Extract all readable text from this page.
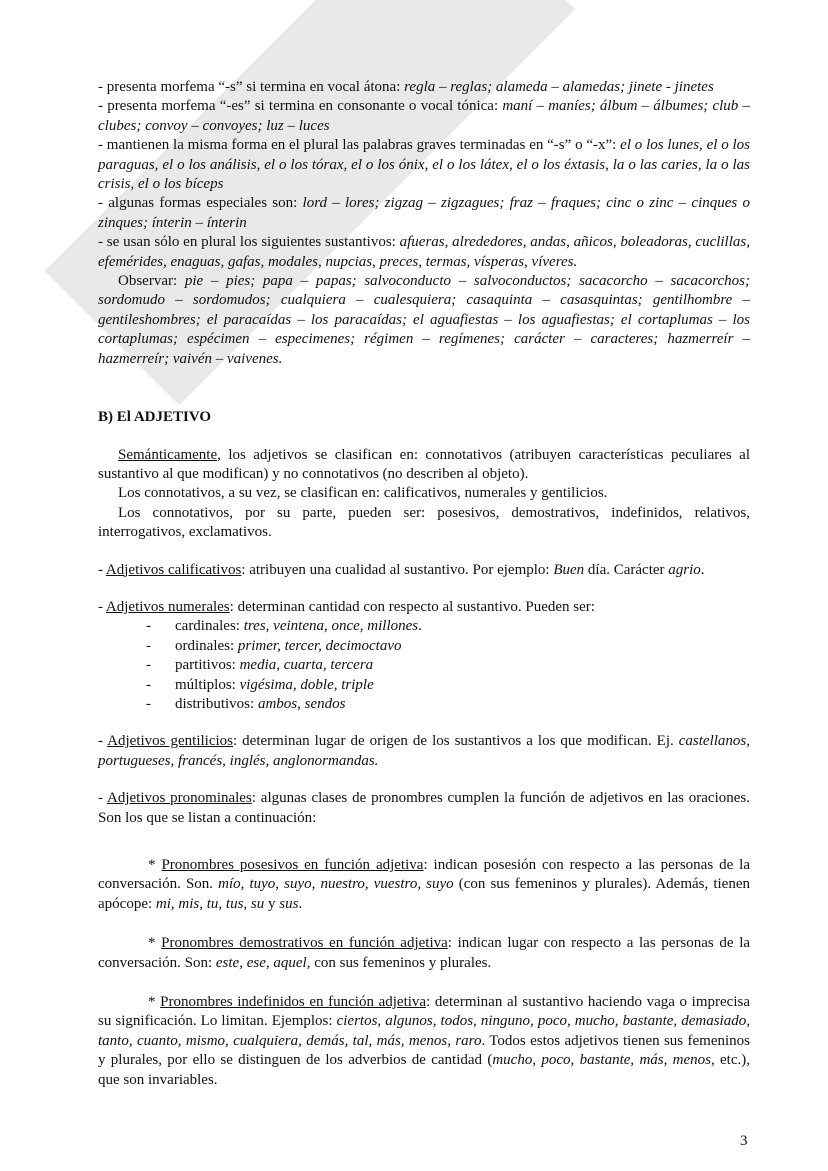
- presenta morfema “-s” si termina en vocal átona: regla – reglas; alameda – alamedas; jinete - jinetes

- presenta morfema “-es” si termina en consonante o vocal tónica: maní – maníes; álbum – álbumes; club – clubes; convoy – convoyes; luz – luces

- mantienen la misma forma en el plural las palabras graves terminadas en “-s” o “-x”: el o los lunes, el o los paraguas, el o los análisis, el o los tórax, el o los ónix, el o los látex, el o los éxtasis, la o las caries, la o las crisis, el o los bíceps

- algunas formas especiales son: lord – lores; zigzag – zigzagues; fraz – fraques; cinc o zinc – cinques o zinques; ínterin – ínterin

- se usan sólo en plural los siguientes sustantivos: afueras, alrededores, andas, añicos, boleadoras, cuclillas, efemérides, enaguas, gafas, modales, nupcias, preces, termas, vísperas, víveres.

Observar: pie – pies; papa – papas; salvoconducto – salvoconductos; sacacorcho – sacacorchos; sordomudo – sordomudos; cualquiera – cualesquiera; casaquinta – casasquintas; gentilhombre – gentileshombres; el paracaídas – los paracaídas; el aguafiestas – los aguafiestas; el cortaplumas – los cortaplumas; espécimen – especimenes; régimen – regímenes; carácter – caracteres; hazmerreír – hazmerreír; vaivén – vaivenes.

B) El ADJETIVO

Semánticamente, los adjetivos se clasifican en: connotativos (atribuyen características peculiares al sustantivo al que modifican) y no connotativos (no describen al objeto).

Los connotativos, a su vez, se clasifican en: calificativos, numerales y gentilicios.

Los connotativos, por su parte, pueden ser: posesivos, demostrativos, indefinidos, relativos, interrogativos, exclamativos.

- Adjetivos calificativos: atribuyen una cualidad al sustantivo. Por ejemplo: Buen día. Carácter agrio.

- Adjetivos numerales: determinan cantidad con respecto al sustantivo. Pueden ser:

- cardinales: tres, veintena, once, millones.
- ordinales: primer, tercer, decimoctavo
- partitivos: media, cuarta, tercera
- múltiplos: vigésima, doble, triple
- distributivos: ambos, sendos

- Adjetivos gentilicios: determinan lugar de origen de los sustantivos a los que modifican. Ej. castellanos, portugueses, francés, inglés, anglonormandas.

- Adjetivos pronominales: algunas clases de pronombres cumplen la función de adjetivos en las oraciones. Son los que se listan a continuación:

* Pronombres posesivos en función adjetiva: indican posesión con respecto a las personas de la conversación. Son. mío, tuyo, suyo, nuestro, vuestro, suyo (con sus femeninos y plurales). Además, tienen apócope: mi, mis, tu, tus, su y sus.

* Pronombres demostrativos en función adjetiva: indican lugar con respecto a las personas de la conversación. Son: este, ese, aquel, con sus femeninos y plurales.

* Pronombres indefinidos en función adjetiva: determinan al sustantivo haciendo vaga o imprecisa su significación. Lo limitan. Ejemplos: ciertos, algunos, todos, ninguno, poco, mucho, bastante, demasiado, tanto, cuanto, mismo, cualquiera, demás, tal, más, menos, raro. Todos estos adjetivos tienen sus femeninos y plurales, por ello se distinguen de los adverbios de cantidad (mucho, poco, bastante, más, menos, etc.), que son invariables.

3
